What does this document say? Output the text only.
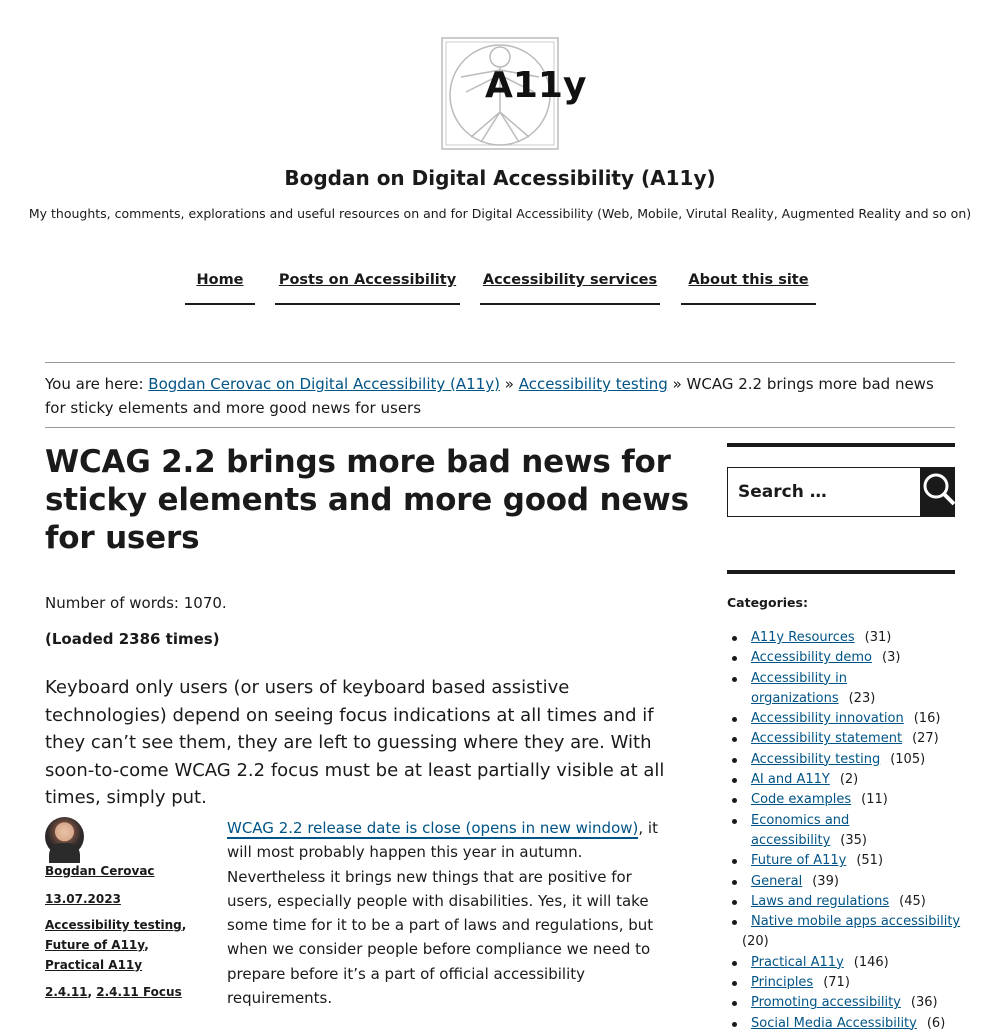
A11y
Bogdan on Digital Accessibility (A11y)
My thoughts, comments, explorations and useful resources on and for Digital Accessibility (Web, Mobile, Virutal Reality, Augmented Reality and so on)
Home	Posts on Accessibility Accessibility services	About this site
You are here: Bogdan Cerovac on Digital Accessibility (A11y) » Accessibility testing » WCAG 2.2 brings more bad news for sticky elements and more good news for users
WCAG 2.2 brings more bad news for sticky elements and more good news for users
Number of words: 1070.
(Loaded 2386 times)

Keyboard only users (or users of keyboard based assistive technologies) depend on seeing focus indications at all times and if they can’t see them, they are left to guessing where they are. With soon-to-come WCAG 2.2 focus must be at least partially visible at all times, simply put.

Bogdan Cerovac
13.07.2023
Accessibility testing,
Future of A11y,
Practical A11y
2.4.11, 2.4.11 Focus

WCAG 2.2 release date is close (opens in new window), it will most probably happen this year in autumn. Nevertheless it brings new things that are positive for users, especially people with disabilities. Yes, it will take some time for it to be a part of laws and regulations, but when we consider people before compliance we need to prepare before it’s a part of official accessibility requirements.

Search …
Categories:
A11y Resources (31)
Accessibility demo (3)
Accessibility in organizations (23)
Accessibility innovation (16)
Accessibility statement (27)
Accessibility testing (105)
AI and A11Y (2)
Code examples (11)
Economics and accessibility (35)
Future of A11y (51)
General (39)
Laws and regulations (45)
Native mobile apps accessibility
(20)
Practical A11y (146)
Principles (71)
Promoting accessibility (36)
Social Media Accessibility (6)
